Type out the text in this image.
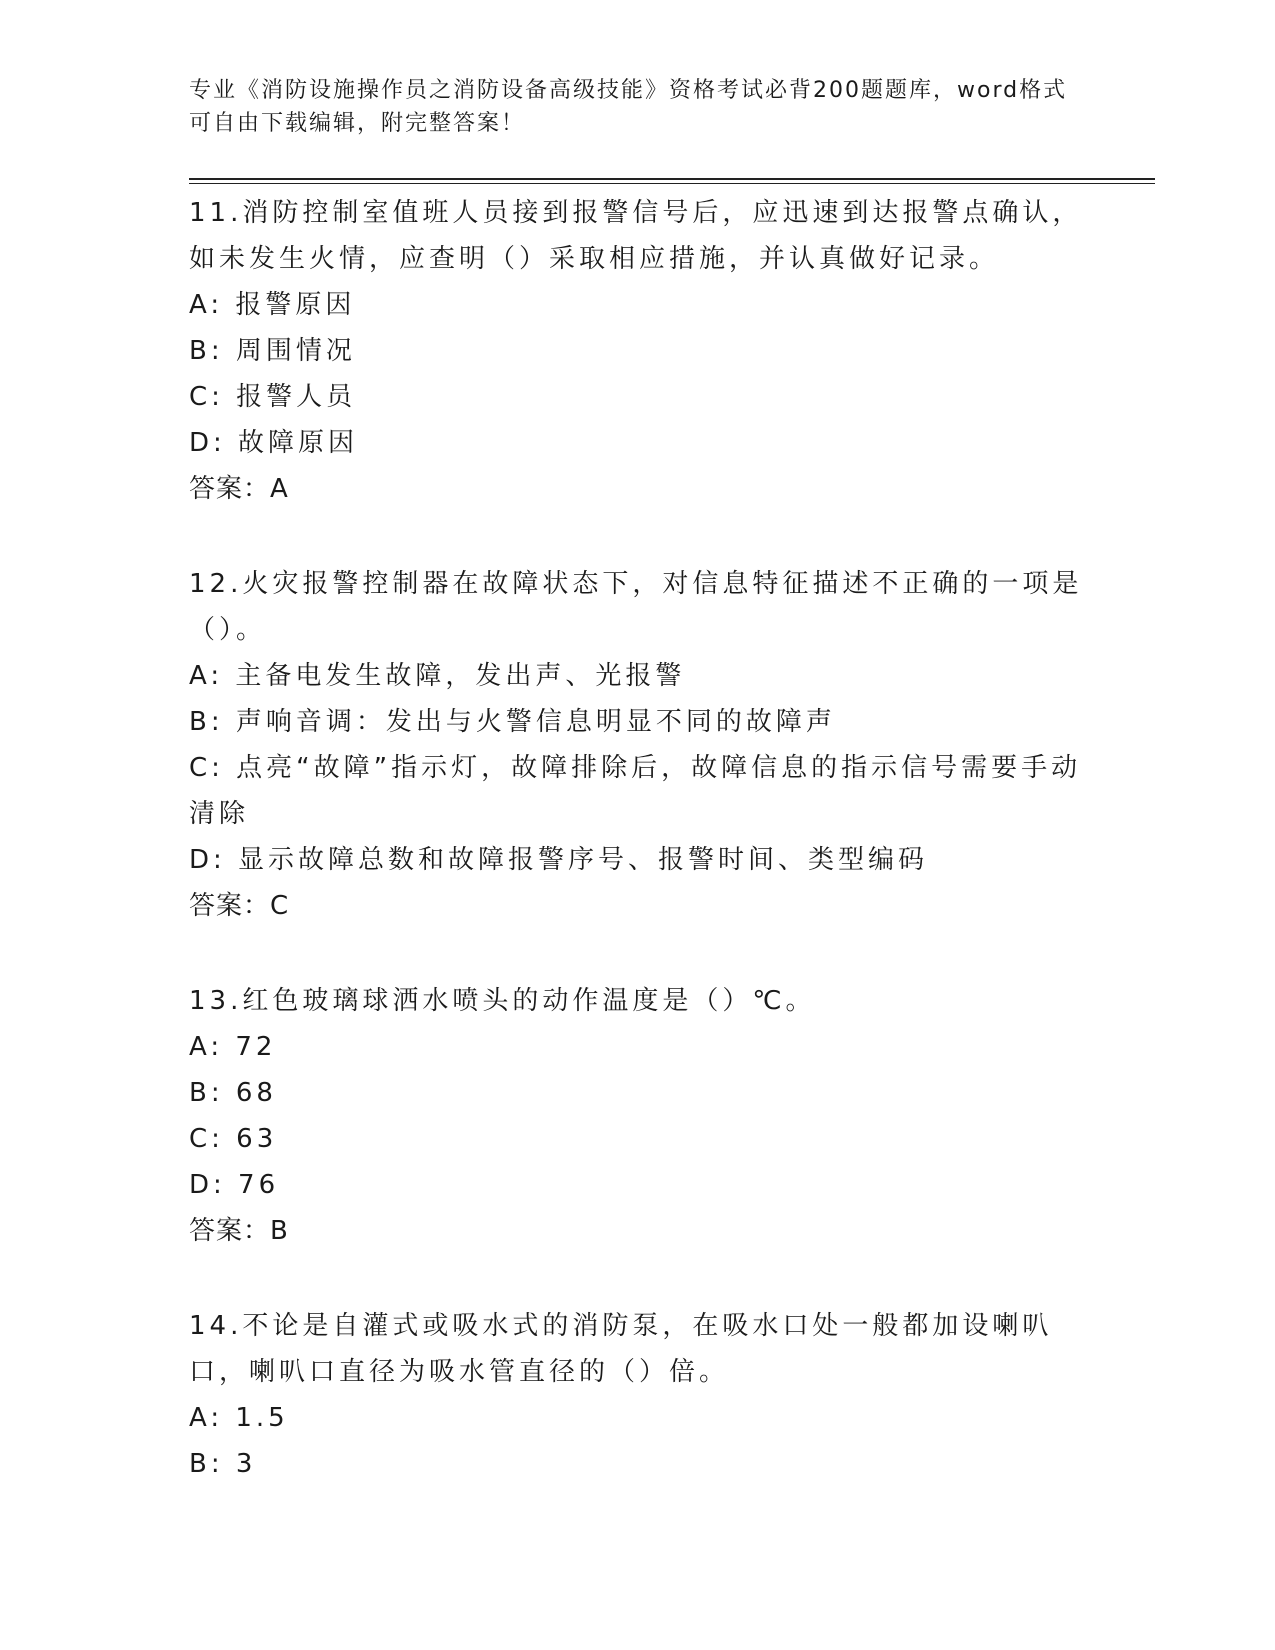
专业《消防设施操作员之消防设备高级技能》资格考试必背200题题库，word格式可自由下载编辑，附完整答案！

11.消防控制室值班人员接到报警信号后，应迅速到达报警点确认，如未发生火情，应查明（）采取相应措施，并认真做好记录。

A: 报警原因

B: 周围情况

C: 报警人员

D: 故障原因

答案：A

12.火灾报警控制器在故障状态下，对信息特征描述不正确的一项是（）。

A: 主备电发生故障，发出声、光报警

B: 声响音调：发出与火警信息明显不同的故障声

C: 点亮“故障”指示灯，故障排除后，故障信息的指示信号需要手动清除

D: 显示故障总数和故障报警序号、报警时间、类型编码

答案：C

13.红色玻璃球洒水喷头的动作温度是（）℃。

A: 72

B: 68

C: 63

D: 76

答案：B

14.不论是自灌式或吸水式的消防泵，在吸水口处一般都加设喇叭口，喇叭口直径为吸水管直径的（）倍。

A: 1.5

B: 3
